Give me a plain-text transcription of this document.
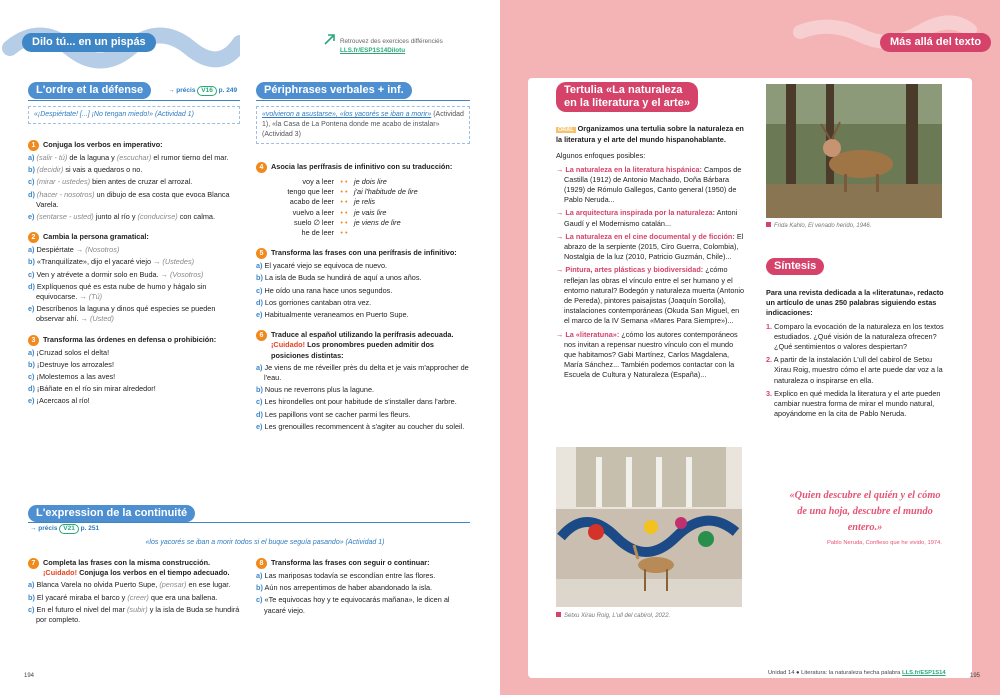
Dilo tú... en un pispás	Retrouvez des exercices différenciés
LLS.fr/ESP1S14Dilotu
L'ordre et la défense	→ précis V16 p. 249
«¡Despiértate! [...] ¡No tengan miedo!» (Actividad 1)
1 Conjuga los verbos en imperativo:
a) (salir - tú) de la laguna y (escuchar) el rumor tierno del mar.
b) (decidir) si vais a quedaros o no.
c) (mirar - ustedes) bien antes de cruzar el arrozal.
d) (hacer - nosotros) un dibujo de esa costa que evoca Blanca Varela.
e) (sentarse - usted) junto al río y (conducirse) con calma.
2 Cambia la persona gramatical:
a) Despiértate → (Nosotros)
b) «Tranquilízate», dijo el yacaré viejo → (Ustedes)
c) Ven y atrévete a dormir solo en Buda. → (Vosotros)
d) Explíquenos qué es esta nube de humo y hágalo sin equivocarse. → (Tú)
e) Descríbenos la laguna y dinos qué especies se pueden observar ahí. → (Usted)
3 Transforma las órdenes en defensa o prohibición:
a) ¡Cruzad solos el delta!
b) ¡Destruye los arrozales!
c) ¡Molestemos a las aves!
d) ¡Báñate en el río sin mirar alrededor!
e) ¡Acercaos al río!
Périphrases verbales + inf.
«volvieron a asustarse», «los yacorés se iban a morir» (Actividad 1), «la Casa de La Pontena donde me acabo de instalar» (Actividad 3)
4 Asocia las perífrasis de infinitivo con su traducción:
voy a leer • • je dois lire
tengo que leer • • j'ai l'habitude de lire
acabo de leer • • je relis
vuelvo a leer • • je vais lire
suelo ∅ leer • • je viens de lire
he de leer • •
5 Transforma las frases con una perífrasis de infinitivo:
a) El yacaré viejo se equivoca de nuevo.
b) La isla de Buda se hundirá de aquí a unos años.
c) He oído una rana hace unos segundos.
d) Los gorriones cantaban otra vez.
e) Habitualmente veraneamos en Puerto Supe.
6 Traduce al español utilizando la perífrasis adecuada. ¡Cuidado! Los pronombres pueden admitir dos posiciones distintas:
a) Je viens de me réveiller près du delta et je vais m'approcher de l'eau.
b) Nous ne reverrons plus la lagune.
c) Les hirondelles ont pour habitude de s'installer dans l'arbre.
d) Les papillons vont se cacher parmi les fleurs.
e) Les grenouilles recommencent à s'agiter au coucher du soleil.
L'expression de la continuité
→ précis V21 p. 251
«los yacorés se iban a morir todos si el buque seguía pasando» (Actividad 1)
7 Completa las frases con la misma construcción. ¡Cuidado! Conjuga los verbos en el tiempo adecuado.
a) Blanca Varela no olvida Puerto Supe, (pensar) en ese lugar.
b) El yacaré miraba el barco y (creer) que era una ballena.
c) En el futuro el nivel del mar (subir) y la isla de Buda se hundirá por completo.
8 Transforma las frases con seguir o continuar:
a) Las mariposas todavía se escondían entre las flores.
b) Aún nos arrepentimos de haber abandonado la isla.
c) «Te equivocas hoy y te equivocarás mañana», le dicen al yacaré viejo.
194
Más allá del texto
Tertulia «La naturaleza
en la literatura y el arte»
ORAL Organizamos una tertulia sobre la naturaleza en la literatura y el arte del mundo hispanohablante.
Algunos enfoques posibles:
→ La naturaleza en la literatura hispánica: Campos de Castilla (1912) de Antonio Machado, Doña Bárbara (1929) de Rómulo Gallegos, Canto general (1950) de Pablo Neruda...
→ La arquitectura inspirada por la naturaleza: Antoni Gaudí y el Modernismo catalán...
→ La naturaleza en el cine documental y de ficción: El abrazo de la serpiente (2015, Ciro Guerra, Colombia), Nostalgia de la luz (2010, Patricio Guzmán, Chile)...
→ Pintura, artes plásticas y biodiversidad: ¿cómo reflejan las obras el vínculo entre el ser humano y el entorno natural? Bodegón y naturaleza muerta (Antonio de Pereda), pintores paisajistas (Joaquín Sorolla), instalaciones contemporáneas (Okuda San Miguel, en el marco de la IV Semana «Mares Para Siempre»)...
→ La «literatuna»: ¿cómo los autores contemporáneos nos invitan a repensar nuestro vínculo con el mundo que habitamos? Gabi Martínez, Carlos Magdalena, María Sánchez... También podemos contactar con la Escuela de Cultura y Naturaleza (España)...
Setxu Xirau Roig, L'ull del cabirol, 2022.
Frida Kahlo, El venado herido, 1946.
Síntesis
Para una revista dedicada a la «literatuna», redacto un artículo de unas 250 palabras siguiendo estas indicaciones:
1. Comparo la evocación de la naturaleza en los textos estudiados. ¿Qué visión de la naturaleza ofrecen? ¿Qué sentimientos o valores despiertan?
2. A partir de la instalación L'ull del cabirol de Setxu Xirau Roig, muestro cómo el arte puede dar voz a la naturaleza o inspirarse en ella.
3. Explico en qué medida la literatura y el arte pueden cambiar nuestra forma de mirar el mundo natural, apoyándome en la cita de Pablo Neruda.
«Quien descubre el quién y el cómo de una hoja, descubre el mundo entero.»
Pablo Neruda, Confieso que he vivido, 1974.
Unidad 14 ● Literatura: la naturaleza hecha palabra LLS.fr/ESP1S14	195
